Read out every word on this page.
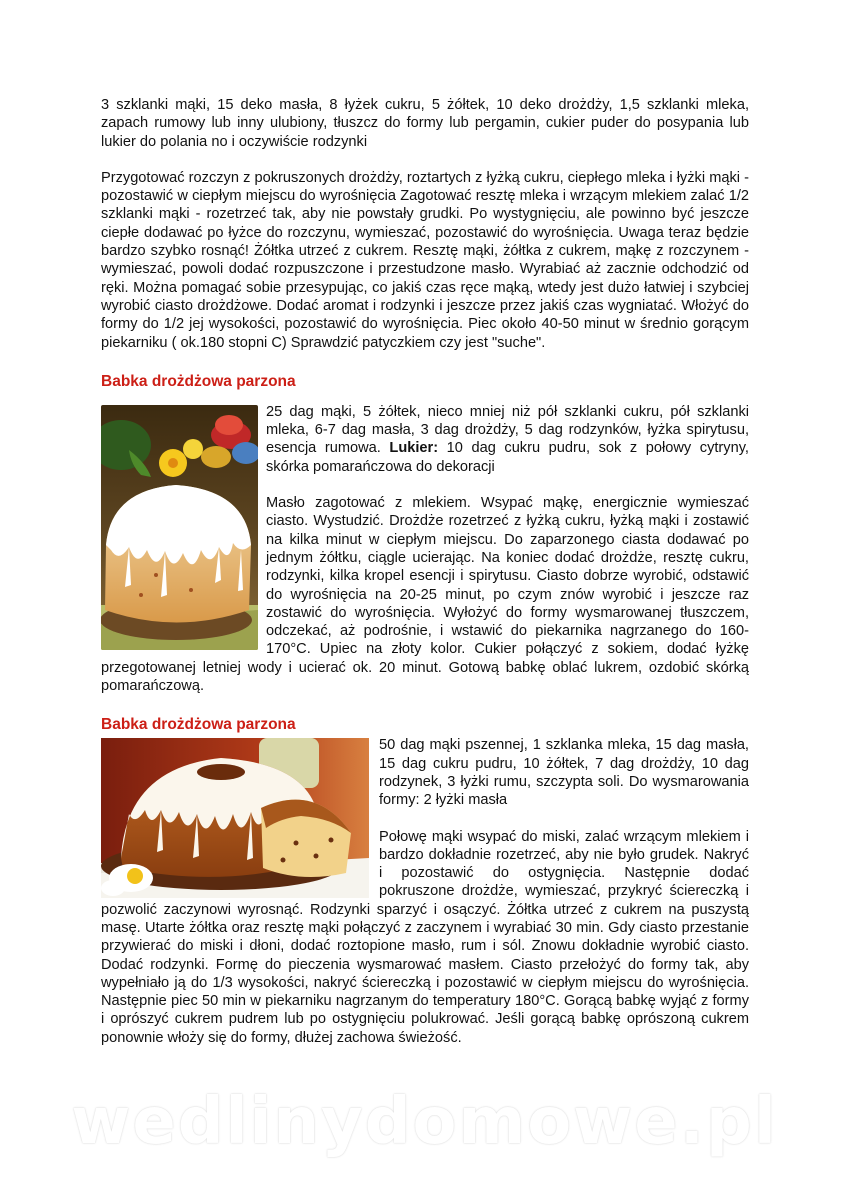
3 szklanki mąki, 15 deko masła, 8 łyżek cukru, 5 żółtek, 10 deko drożdży, 1,5 szklanki mleka, zapach rumowy lub inny ulubiony, tłuszcz do formy lub pergamin, cukier puder do posypania lub lukier do polania no i oczywiście rodzynki

Przygotować rozczyn z pokruszonych drożdży, roztartych z łyżką cukru, ciepłego mleka i łyżki mąki - pozostawić w ciepłym miejscu do wyrośnięcia Zagotować resztę mleka i wrzącym mlekiem zalać 1/2 szklanki mąki - rozetrzeć tak, aby nie powstały grudki. Po wystygnięciu, ale powinno być jeszcze ciepłe dodawać po łyżce do rozczynu, wymieszać, pozostawić do wyrośnięcia. Uwaga teraz będzie bardzo szybko rosnąć! Żółtka utrzeć z cukrem. Resztę mąki, żółtka z cukrem, mąkę z rozczynem - wymieszać, powoli dodać rozpuszczone i przestudzone masło. Wyrabiać aż zacznie odchodzić od ręki. Można pomagać sobie przesypując, co jakiś czas ręce mąką, wtedy jest dużo łatwiej i szybciej wyrobić ciasto drożdżowe. Dodać aromat i rodzynki i jeszcze przez jakiś czas wygniatać. Włożyć do formy do 1/2 jej wysokości, pozostawić do wyrośnięcia. Piec około 40-50 minut w średnio gorącym piekarniku ( ok.180 stopni C) Sprawdzić patyczkiem czy jest "suche".

Babka drożdżowa parzona

25 dag mąki, 5 żółtek, nieco mniej niż pół szklanki cukru, pół szklanki mleka, 6-7 dag masła, 3 dag drożdży, 5 dag rodzynków, łyżka spirytusu, esencja rumowa. Lukier: 10 dag cukru pudru, sok z połowy cytryny, skórka pomarańczowa do dekoracji

Masło zagotować z mlekiem. Wsypać mąkę, energicznie wymieszać ciasto. Wystudzić. Drożdże rozetrzeć z łyżką cukru, łyżką mąki i zostawić na kilka minut w ciepłym miejscu. Do zaparzonego ciasta dodawać po jednym żółtku, ciągle ucierając. Na koniec dodać drożdże, resztę cukru, rodzynki, kilka kropel esencji i spirytusu. Ciasto dobrze wyrobić, odstawić do wyrośnięcia na 20-25 minut, po czym znów wyrobić i jeszcze raz zostawić do wyrośnięcia. Wyłożyć do formy wysmarowanej tłuszczem, odczekać, aż podrośnie, i wstawić do piekarnika nagrzanego do 160-170°C. Upiec na złoty kolor. Cukier połączyć z sokiem, dodać łyżkę przegotowanej letniej wody i ucierać ok. 20 minut. Gotową babkę oblać lukrem, ozdobić skórką pomarańczową.

Babka drożdżowa parzona

50 dag mąki pszennej, 1 szklanka mleka, 15 dag masła, 15 dag cukru pudru, 10 żółtek, 7 dag drożdży, 10 dag rodzynek, 3 łyżki rumu, szczypta soli. Do wysmarowania formy: 2 łyżki masła

Połowę mąki wsypać do miski, zalać wrzącym mlekiem i bardzo dokładnie rozetrzeć, aby nie było grudek. Nakryć i pozostawić do ostygnięcia. Następnie dodać pokruszone drożdże, wymieszać, przykryć ściereczką i pozwolić zaczynowi wyrosnąć. Rodzynki sparzyć i osączyć. Żółtka utrzeć z cukrem na puszystą masę. Utarte żółtka oraz resztę mąki połączyć z zaczynem i wyrabiać 30 min. Gdy ciasto przestanie przywierać do miski i dłoni, dodać roztopione masło, rum i sól. Znowu dokładnie wyrobić ciasto. Dodać rodzynki. Formę do pieczenia wysmarować masłem. Ciasto przełożyć do formy tak, aby wypełniało ją do 1/3 wysokości, nakryć ściereczką i pozostawić w ciepłym miejscu do wyrośnięcia. Następnie piec 50 min w piekarniku nagrzanym do temperatury 180°C. Gorącą babkę wyjąć z formy i oprószyć cukrem pudrem lub po ostygnięciu polukrować. Jeśli gorącą babkę oprószoną cukrem ponownie włoży się do formy, dłużej zachowa świeżość.

wedlinydomowe.pl
